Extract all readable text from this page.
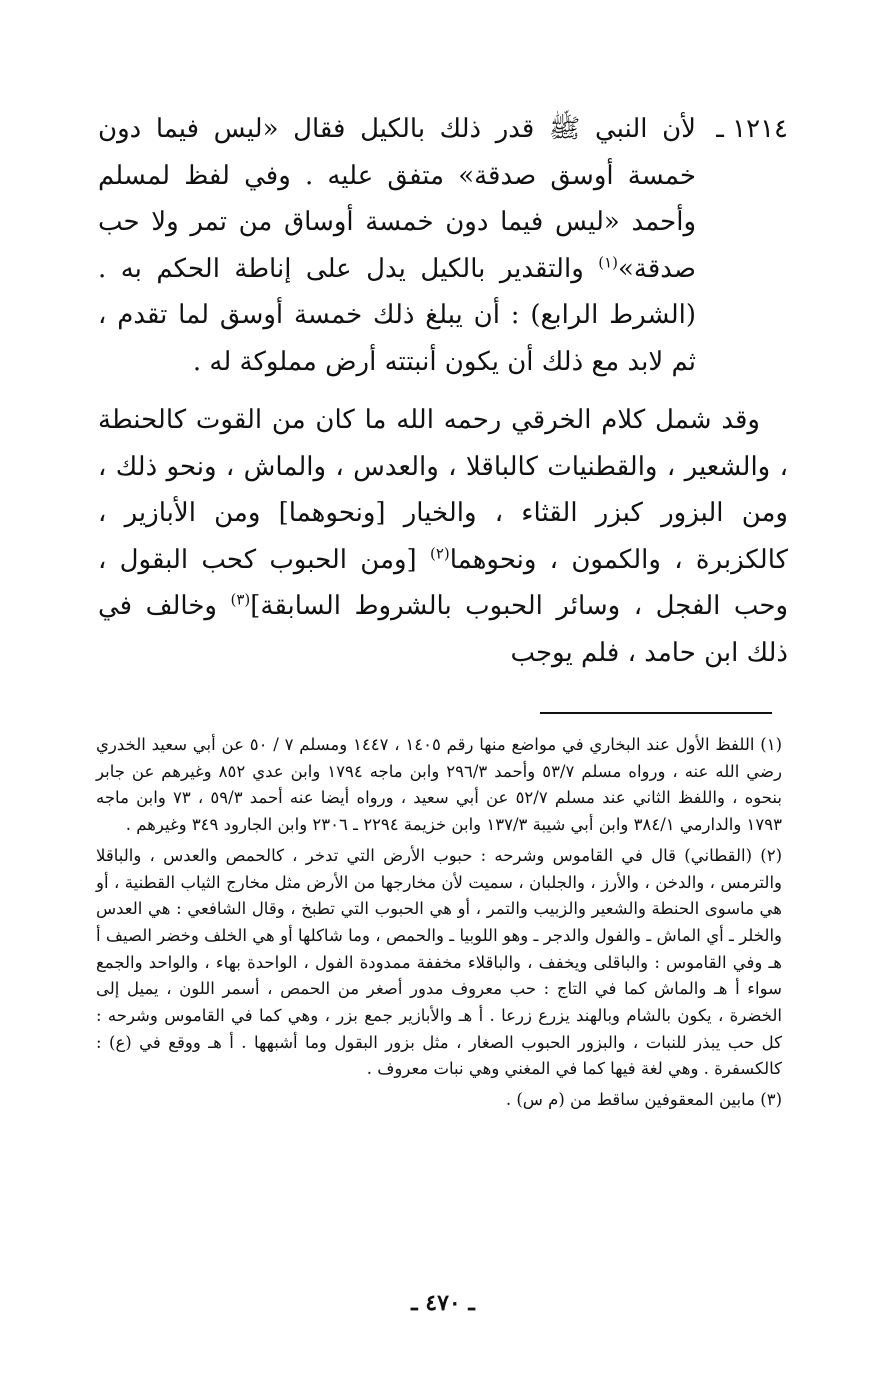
١٢١٤ ـ

لأن النبي ﷺ قدر ذلك بالكيل فقال «ليس فيما دون خمسة أوسق صدقة» متفق عليه . وفي لفظ لمسلم وأحمد «ليس فيما دون خمسة أوساق من تمر ولا حب صدقة»$^{(١)}$ والتقدير بالكيل يدل على إناطة الحكم به . (الشرط الرابع) : أن يبلغ ذلك خمسة أوسق لما تقدم ، ثم لابد مع ذلك أن يكون أنبتته أرض مملوكة له .

وقد شمل كلام الخرقي رحمه الله ما كان من القوت كالحنطة ، والشعير ، والقطنيات كالباقلا ، والعدس ، والماش ، ونحو ذلك ، ومن البزور كبزر القثاء ، والخيار [ونحوهما] ومن الأبازير ، كالكزبرة ، والكمون ، ونحوهما$^{(٢)}$ [ومن الحبوب كحب البقول ، وحب الفجل ، وسائر الحبوب بالشروط السابقة]$^{(٣)}$ وخالف في ذلك ابن حامد ، فلم يوجب

(١) اللفظ الأول عند البخاري في مواضع منها رقم ١٤٠٥ ، ١٤٤٧ ومسلم ٧ / ٥٠ عن أبي سعيد الخدري رضي الله عنه ، ورواه مسلم ٥٣/٧ وأحمد ٢٩٦/٣ وابن ماجه ١٧٩٤ وابن عدي ٨٥٢ وغيرهم عن جابر بنحوه ، واللفظ الثاني عند مسلم ٥٢/٧ عن أبي سعيد ، ورواه أيضا عنه أحمد ٥٩/٣ ، ٧٣ وابن ماجه ١٧٩٣ والدارمي ٣٨٤/١ وابن أبي شيبة ١٣٧/٣ وابن خزيمة ٢٢٩٤ ـ ٢٣٠٦ وابن الجارود ٣٤٩ وغيرهم .

(٢) (القطاني) قال في القاموس وشرحه : حبوب الأرض التي تدخر ، كالحمص والعدس ، والباقلا والترمس ، والدخن ، والأرز ، والجلبان ، سميت لأن مخارجها من الأرض مثل مخارج الثياب القطنية ، أو هي ماسوى الحنطة والشعير والزبيب والتمر ، أو هي الحبوب التي تطبخ ، وقال الشافعي : هي العدس والخلر ـ أي الماش ـ والفول والدجر ـ وهو اللوبيا ـ والحمص ، وما شاكلها أو هي الخلف وخضر الصيف أ هـ وفي القاموس : والباقلى ويخفف ، والباقلاء مخففة ممدودة الفول ، الواحدة بهاء ، والواحد والجمع سواء أ هـ والماش كما في التاج : حب معروف مدور أصغر من الحمص ، أسمر اللون ، يميل إلى الخضرة ، يكون بالشام وبالهند يزرع زرعا . أ هـ والأبازير جمع بزر ، وهي كما في القاموس وشرحه : كل حب يبذر للنبات ، والبزور الحبوب الصغار ، مثل بزور البقول وما أشبهها . أ هـ ووقع في (ع) : كالكسفرة . وهي لغة فيها كما في المغني وهي نبات معروف .

(٣) مابين المعقوفين ساقط من (م س) .

ـ ٤٧٠ ـ
